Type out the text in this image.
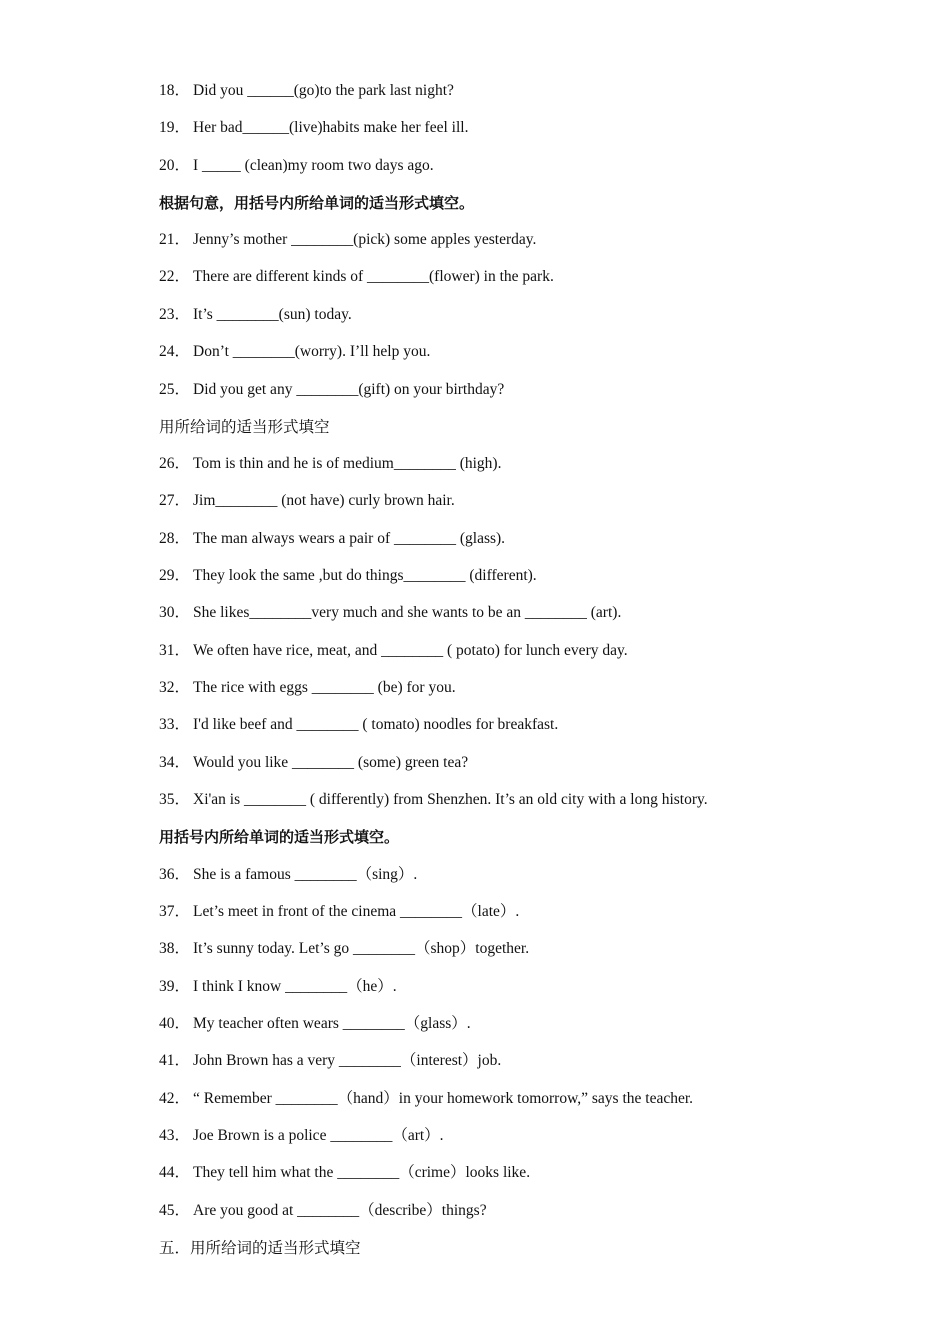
18． Did you ______(go)to the park last night?
19． Her bad______(live)habits make her feel ill.
20． I _____ (clean)my room two days ago.
根据句意，用括号内所给单词的适当形式填空。
21． Jenny’s mother ________(pick) some apples yesterday.
22． There are different kinds of ________(flower) in the park.
23． It’s ________(sun) today.
24． Don’t ________(worry). I’ll help you.
25． Did you get any ________(gift) on your birthday?
用所给词的适当形式填空
26． Tom is thin and he is of medium________ (high).
27． Jim________ (not have) curly brown hair.
28． The man always wears a pair of ________ (glass).
29． They look the same ,but do things________ (different).
30． She likes________very much and she wants to be an ________ (art).
31． We often have rice, meat, and ________ ( potato) for lunch every day.
32． The rice with eggs ________ (be) for you.
33． I'd like beef and ________ ( tomato) noodles for breakfast.
34． Would you like ________ (some) green tea?
35． Xi'an is ________ ( differently) from Shenzhen. It’s an old city with a long history.
用括号内所给单词的适当形式填空。
36． She is a famous ________（sing）.
37． Let’s meet in front of the cinema ________（late）.
38． It’s sunny today. Let’s go ________（shop）together.
39． I think I know ________（he）.
40． My teacher often wears ________（glass）.
41． John Brown has a very ________（interest）job.
42． “ Remember ________（hand）in your homework tomorrow,” says the teacher.
43． Joe Brown is a police ________（art）.
44． They tell him what the ________（crime）looks like.
45． Are you good at ________（describe）things?
五．用所给词的适当形式填空
